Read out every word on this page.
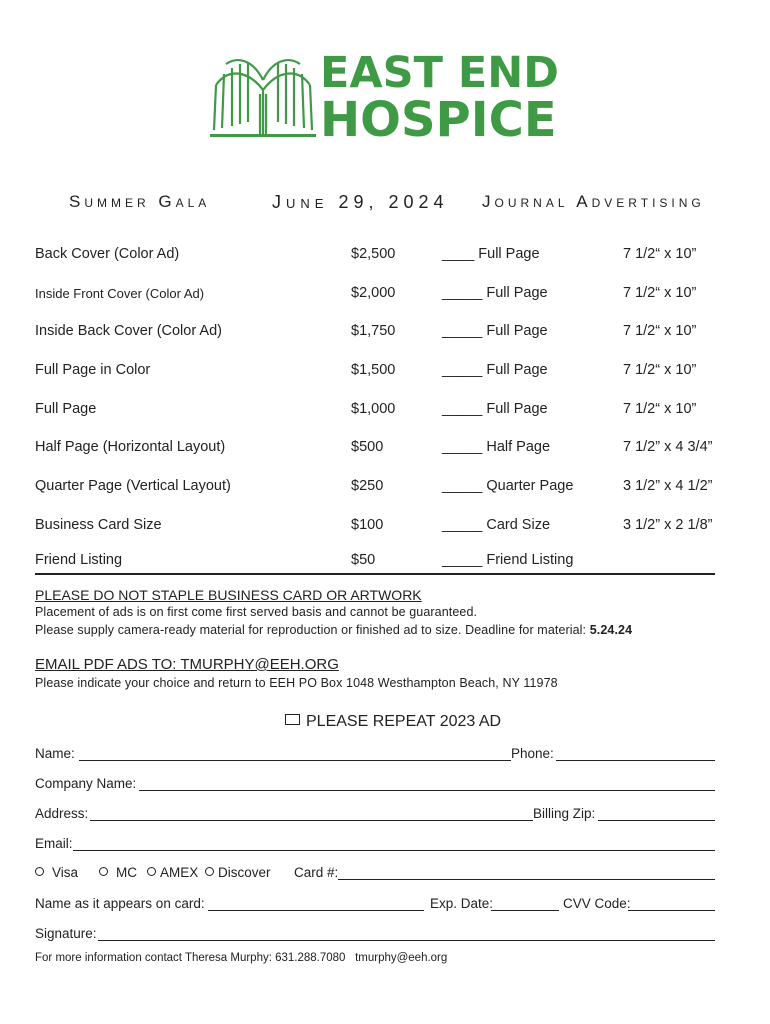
EAST END
HOSPICE
Summer Gala	June 29, 2024 Journal Advertising
Back Cover (Color Ad)	$2,500	____ Full Page	7 1/2“ x 10”
Inside Front Cover (Color Ad)	$2,000	_____ Full Page	7 1/2“ x 10”
Inside Back Cover (Color Ad)	$1,750	_____ Full Page	7 1/2“ x 10”
Full Page in Color	$1,500	_____ Full Page	7 1/2“ x 10”
Full Page	$1,000	_____ Full Page	7 1/2“ x 10”
Half Page (Horizontal Layout)	$500	_____ Half Page	7 1/2” x 4 3/4”
Quarter Page (Vertical Layout)	$250	_____ Quarter Page	3 1/2” x 4 1/2”
Business Card Size	$100	_____ Card Size	3 1/2” x 2 1/8”
Friend Listing	$50	_____ Friend Listing
PLEASE DO NOT STAPLE BUSINESS CARD OR ARTWORK
Placement of ads is on first come first served basis and cannot be guaranteed.
Please supply camera-ready material for reproduction or finished ad to size. Deadline for material: 5.24.24
EMAIL PDF ADS TO: TMURPHY@EEH.ORG
Please indicate your choice and return to EEH PO Box 1048 Westhampton Beach, NY 11978
PLEASE REPEAT 2023 AD
Name:	Phone:
Company Name:
Address:	Billing Zip:
Email:
Visa	MC	AMEX	Discover Card #:
Name as it appears on card:	Exp. Date:	CVV Code:
Signature:
For more information contact Theresa Murphy: 631.288.7080 tmurphy@eeh.org
